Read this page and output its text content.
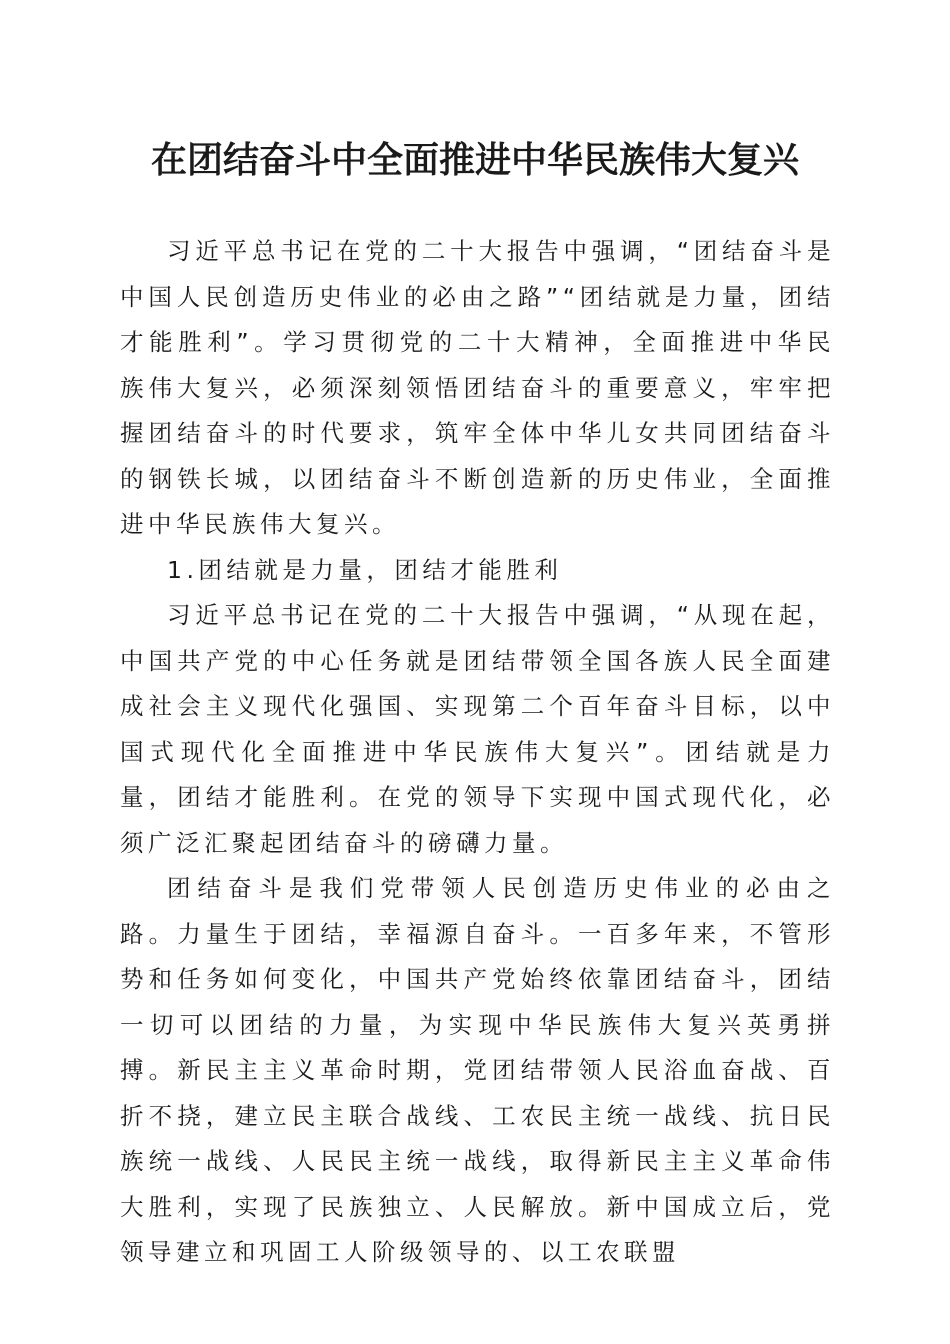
在团结奋斗中全面推进中华民族伟大复兴

习近平总书记在党的二十大报告中强调，“团结奋斗是中国人民创造历史伟业的必由之路”“团结就是力量，团结才能胜利”。学习贯彻党的二十大精神，全面推进中华民族伟大复兴，必须深刻领悟团结奋斗的重要意义，牢牢把握团结奋斗的时代要求，筑牢全体中华儿女共同团结奋斗的钢铁长城，以团结奋斗不断创造新的历史伟业，全面推进中华民族伟大复兴。

1.团结就是力量，团结才能胜利

习近平总书记在党的二十大报告中强调，“从现在起，中国共产党的中心任务就是团结带领全国各族人民全面建成社会主义现代化强国、实现第二个百年奋斗目标，以中国式现代化全面推进中华民族伟大复兴”。团结就是力量，团结才能胜利。在党的领导下实现中国式现代化，必须广泛汇聚起团结奋斗的磅礴力量。

团结奋斗是我们党带领人民创造历史伟业的必由之路。力量生于团结，幸福源自奋斗。一百多年来，不管形势和任务如何变化，中国共产党始终依靠团结奋斗，团结一切可以团结的力量，为实现中华民族伟大复兴英勇拼搏。新民主主义革命时期，党团结带领人民浴血奋战、百折不挠，建立民主联合战线、工农民主统一战线、抗日民族统一战线、人民民主统一战线，取得新民主主义革命伟大胜利，实现了民族独立、人民解放。新中国成立后，党领导建立和巩固工人阶级领导的、以工农联盟
